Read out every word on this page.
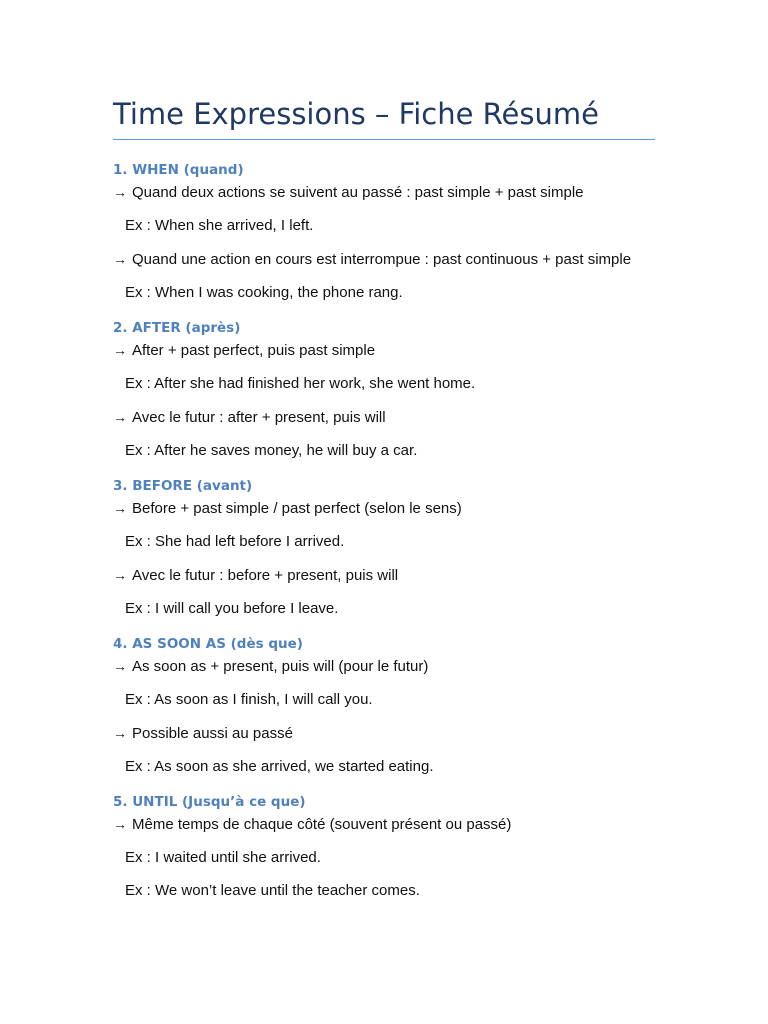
Time Expressions – Fiche Résumé
1. WHEN (quand)
→ Quand deux actions se suivent au passé : past simple + past simple
Ex : When she arrived, I left.
→ Quand une action en cours est interrompue : past continuous + past simple
Ex : When I was cooking, the phone rang.
2. AFTER (après)
→ After + past perfect, puis past simple
Ex : After she had finished her work, she went home.
→ Avec le futur : after + present, puis will
Ex : After he saves money, he will buy a car.
3. BEFORE (avant)
→ Before + past simple / past perfect (selon le sens)
Ex : She had left before I arrived.
→ Avec le futur : before + present, puis will
Ex : I will call you before I leave.
4. AS SOON AS (dès que)
→ As soon as + present, puis will (pour le futur)
Ex : As soon as I finish, I will call you.
→ Possible aussi au passé
Ex : As soon as she arrived, we started eating.
5. UNTIL (Jusqu’à ce que)
→ Même temps de chaque côté (souvent présent ou passé)
Ex : I waited until she arrived.
Ex : We won’t leave until the teacher comes.
